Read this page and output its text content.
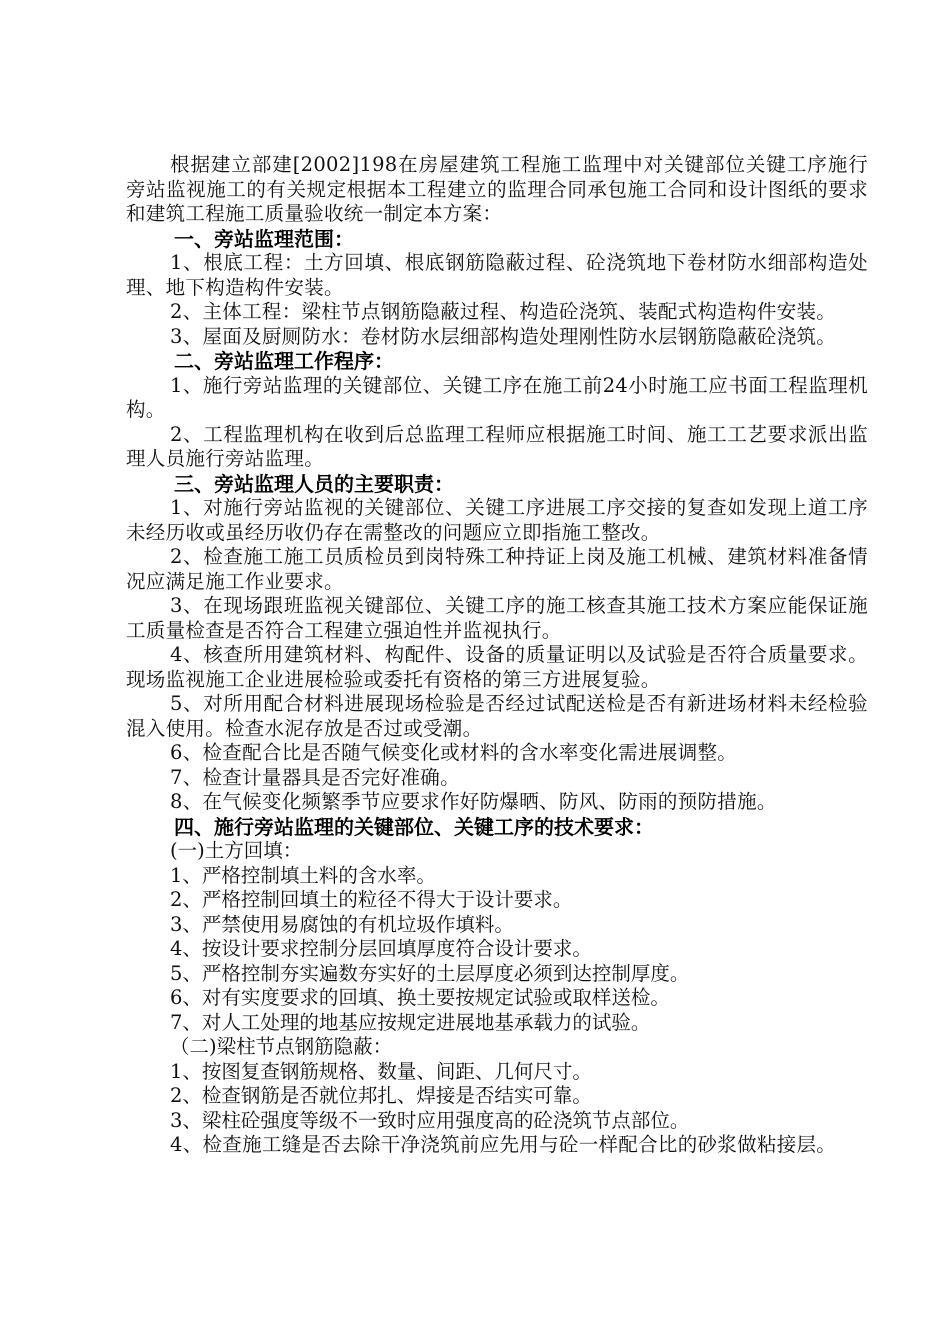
根据建立部建[2002]198在房屋建筑工程施工监理中对关键部位关键工序施行旁站监视施工的有关规定根据本工程建立的监理合同承包施工合同和设计图纸的要求和建筑工程施工质量验收统一制定本方案：

一、旁站监理范围：

1、根底工程：土方回填、根底钢筋隐蔽过程、砼浇筑地下卷材防水细部构造处理、地下构造构件安装。

2、主体工程：梁柱节点钢筋隐蔽过程、构造砼浇筑、装配式构造构件安装。

3、屋面及厨厕防水：卷材防水层细部构造处理刚性防水层钢筋隐蔽砼浇筑。

二、旁站监理工作程序：

1、施行旁站监理的关键部位、关键工序在施工前24小时施工应书面工程监理机构。

2、工程监理机构在收到后总监理工程师应根据施工时间、施工工艺要求派出监理人员施行旁站监理。

三、旁站监理人员的主要职责：

1、对施行旁站监视的关键部位、关键工序进展工序交接的复查如发现上道工序未经历收或虽经历收仍存在需整改的问题应立即指施工整改。

2、检查施工施工员质检员到岗特殊工种持证上岗及施工机械、建筑材料准备情况应满足施工作业要求。

3、在现场跟班监视关键部位、关键工序的施工核查其施工技术方案应能保证施工质量检查是否符合工程建立强迫性并监视执行。

4、核查所用建筑材料、构配件、设备的质量证明以及试验是否符合质量要求。现场监视施工企业进展检验或委托有资格的第三方进展复验。

5、对所用配合材料进展现场检验是否经过试配送检是否有新进场材料未经检验混入使用。检查水泥存放是否过或受潮。

6、检查配合比是否随气候变化或材料的含水率变化需进展调整。

7、检查计量器具是否完好准确。

8、在气候变化频繁季节应要求作好防爆晒、防风、防雨的预防措施。

四、施行旁站监理的关键部位、关键工序的技术要求：

(一)土方回填：

1、严格控制填土料的含水率。

2、严格控制回填土的粒径不得大于设计要求。

3、严禁使用易腐蚀的有机垃圾作填料。

4、按设计要求控制分层回填厚度符合设计要求。

5、严格控制夯实遍数夯实好的土层厚度必须到达控制厚度。

6、对有实度要求的回填、换土要按规定试验或取样送检。

7、对人工处理的地基应按规定进展地基承载力的试验。

（二)梁柱节点钢筋隐蔽：

1、按图复查钢筋规格、数量、间距、几何尺寸。

2、检查钢筋是否就位邦扎、焊接是否结实可靠。

3、梁柱砼强度等级不一致时应用强度高的砼浇筑节点部位。

4、检查施工缝是否去除干净浇筑前应先用与砼一样配合比的砂浆做粘接层。
